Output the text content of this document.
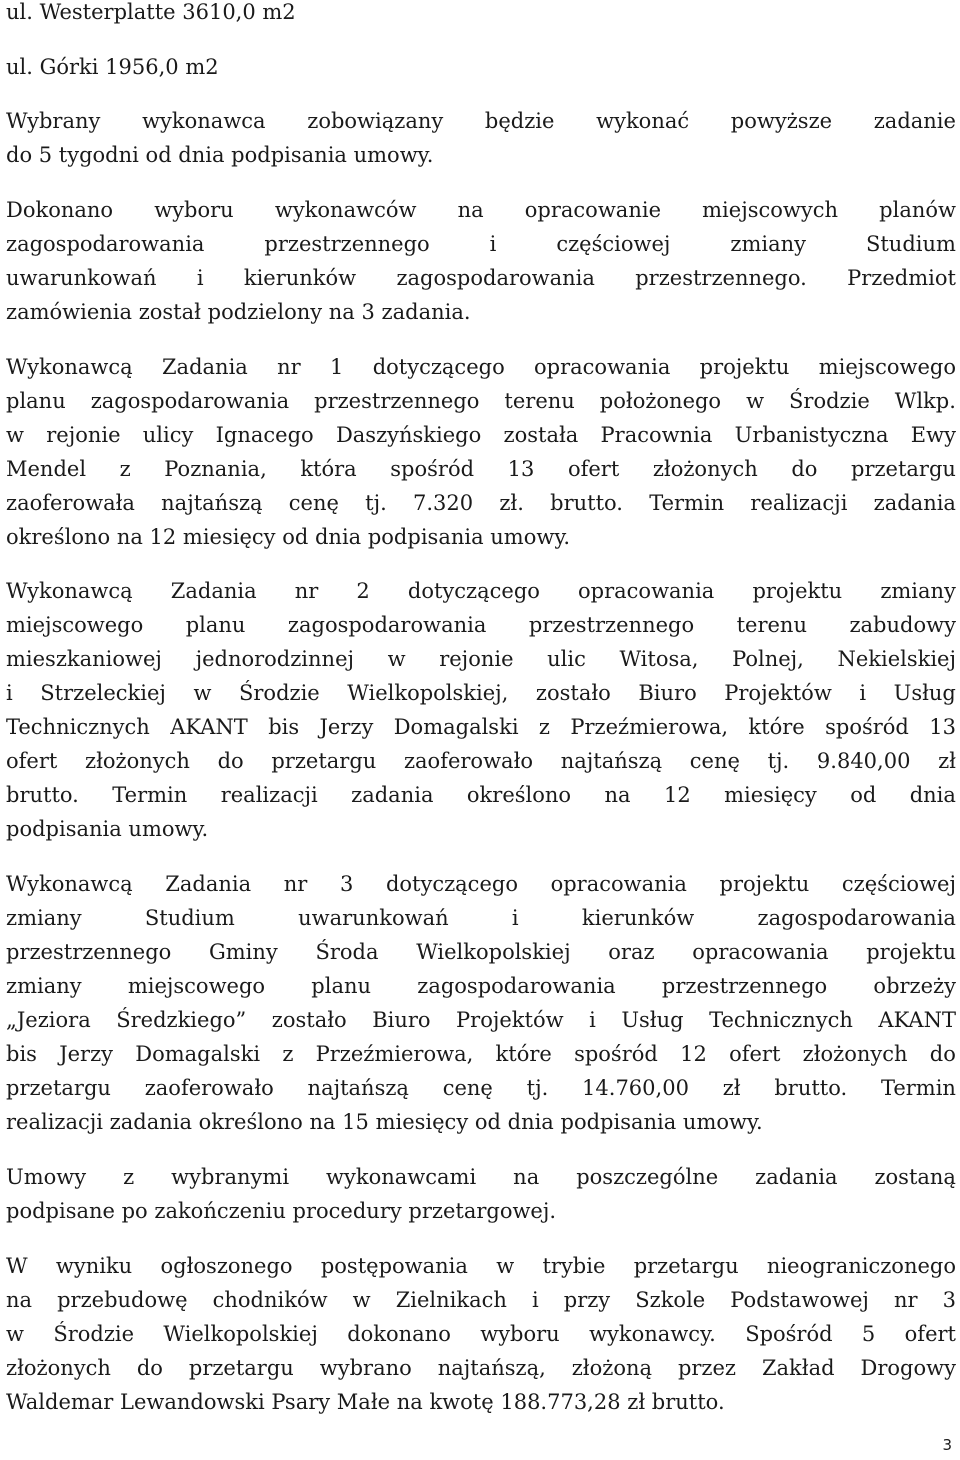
ul. Westerplatte 3610,0 m2

ul. Górki 1956,0 m2

Wybrany wykonawca zobowiązany będzie wykonać powyższe zadanie
do 5 tygodni od dnia podpisania umowy.

Dokonano wyboru wykonawców na opracowanie miejscowych planów
zagospodarowania	przestrzennego	i	częściowej	zmiany	Studium
uwarunkowań i kierunków zagospodarowania przestrzennego. Przedmiot
zamówienia został podzielony na 3 zadania.

Wykonawcą Zadania nr 1 dotyczącego opracowania projektu miejscowego
planu zagospodarowania przestrzennego terenu położonego w Środzie Wlkp.
w rejonie ulicy Ignacego Daszyńskiego została Pracownia Urbanistyczna Ewy
Mendel z Poznania, która spośród 13 ofert złożonych do przetargu
zaoferowała najtańszą cenę tj. 7.320 zł. brutto. Termin realizacji zadania
określono na 12 miesięcy od dnia podpisania umowy.

Wykonawcą Zadania nr 2 dotyczącego opracowania projektu zmiany
miejscowego planu zagospodarowania przestrzennego terenu zabudowy
mieszkaniowej jednorodzinnej w rejonie ulic Witosa, Polnej, Nekielskiej
i Strzeleckiej w Środzie Wielkopolskiej, zostało Biuro Projektów i Usług
Technicznych AKANT bis Jerzy Domagalski z Przeźmierowa, które spośród 13
ofert złożonych do przetargu zaoferowało najtańszą cenę tj. 9.840,00 zł
brutto. Termin realizacji zadania określono na 12 miesięcy od dnia
podpisania umowy.

Wykonawcą Zadania nr 3 dotyczącego opracowania projektu częściowej
zmiany	Studium	uwarunkowań	i	kierunków	zagospodarowania
przestrzennego Gminy Środa Wielkopolskiej oraz opracowania projektu
zmiany miejscowego planu zagospodarowania przestrzennego obrzeży
„Jeziora Średzkiego” zostało Biuro Projektów i Usług Technicznych AKANT
bis Jerzy Domagalski z Przeźmierowa, które spośród 12 ofert złożonych do
przetargu zaoferowało najtańszą cenę tj. 14.760,00 zł brutto. Termin
realizacji zadania określono na 15 miesięcy od dnia podpisania umowy.

Umowy z wybranymi wykonawcami na poszczególne zadania zostaną
podpisane po zakończeniu procedury przetargowej.

W wyniku ogłoszonego postępowania w trybie przetargu nieograniczonego
na przebudowę chodników w Zielnikach i przy Szkole Podstawowej nr 3
w Środzie Wielkopolskiej dokonano wyboru wykonawcy. Spośród 5 ofert
złożonych do przetargu wybrano najtańszą, złożoną przez Zakład Drogowy
Waldemar Lewandowski Psary Małe na kwotę 188.773,28 zł brutto.

3
